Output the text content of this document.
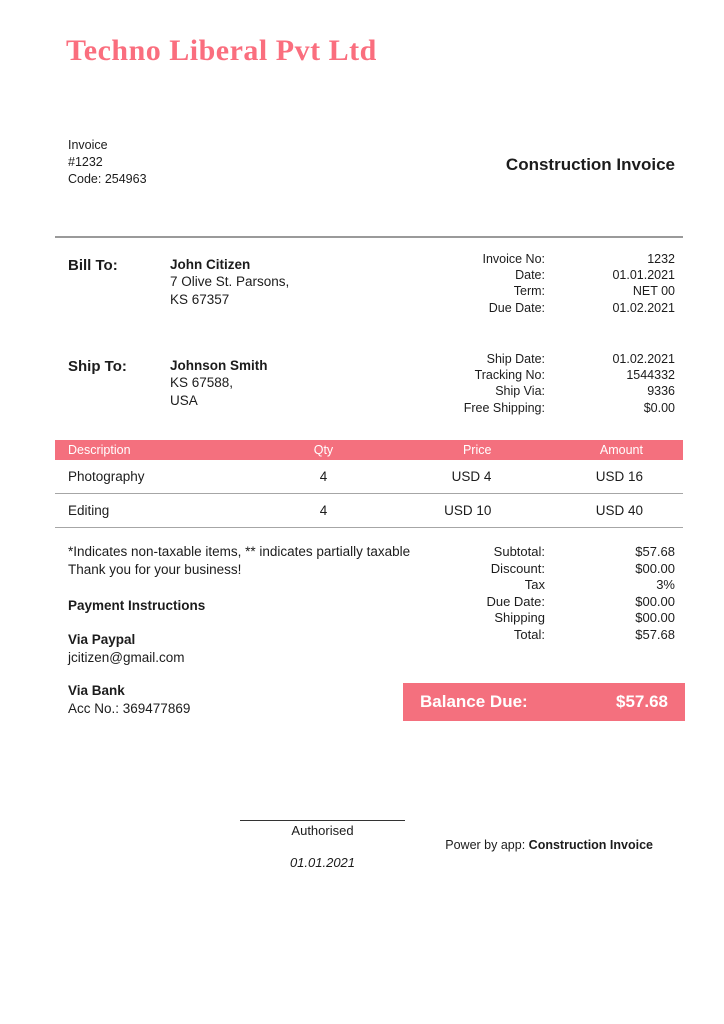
Techno Liberal Pvt Ltd
Invoice
#1232
Code: 254963
Construction Invoice
Bill To:	John Citizen
7 Olive St. Parsons,
KS 67357
Invoice No:	1232
Date:	01.01.2021
Term:	NET 00
Due Date:	01.02.2021
Ship To:	Johnson Smith
KS 67588,
USA
Ship Date:	01.02.2021
Tracking No:	1544332
Ship Via:	9336
Free Shipping:	$0.00
Description	Qty	Price	Amount
Photography	4	USD 4	USD 16
Editing	4	USD 10	USD 40
*Indicates non-taxable items, ** indicates partially taxable
Thank you for your business!
Subtotal:	$57.68
Discount:	$00.00
Tax	3%
Due Date:	$00.00
Shipping	$00.00
Total:	$57.68
Payment Instructions
Via Paypal
jcitizen@gmail.com
Via Bank
Acc No.: 369477869	Balance Due:	$57.68
Authorised
01.01.2021
Power by app: Construction Invoice
